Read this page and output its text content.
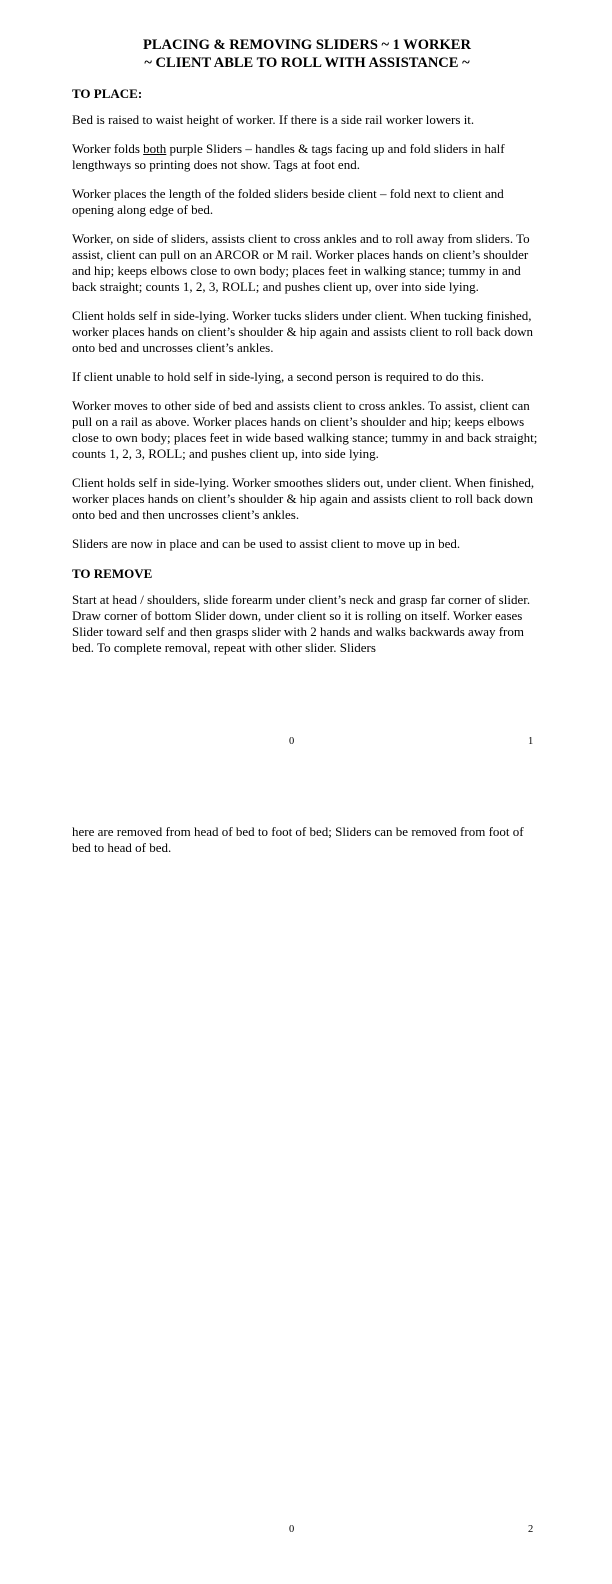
PLACING & REMOVING SLIDERS ~ 1 WORKER
~ CLIENT ABLE TO ROLL WITH ASSISTANCE ~
TO PLACE:

Bed is raised to waist height of worker. If there is a side rail worker lowers it.

Worker folds both purple Sliders – handles & tags facing up and fold sliders in half lengthways so printing does not show. Tags at foot end.

Worker places the length of the folded sliders beside client – fold next to client and opening along edge of bed.

Worker, on side of sliders, assists client to cross ankles and to roll away from sliders. To assist, client can pull on an ARCOR or M rail. Worker places hands on client’s shoulder and hip; keeps elbows close to own body; places feet in walking stance; tummy in and back straight; counts 1, 2, 3, ROLL; and pushes client up, over into side lying.

Client holds self in side-lying. Worker tucks sliders under client. When tucking finished, worker places hands on client’s shoulder & hip again and assists client to roll back down onto bed and uncrosses client’s ankles.

If client unable to hold self in side-lying, a second person is required to do this.

Worker moves to other side of bed and assists client to cross ankles. To assist, client can pull on a rail as above. Worker places hands on client’s shoulder and hip; keeps elbows close to own body; places feet in wide based walking stance; tummy in and back straight; counts 1, 2, 3, ROLL; and pushes client up, into side lying.

Client holds self in side-lying. Worker smoothes sliders out, under client. When finished, worker places hands on client’s shoulder & hip again and assists client to roll back down onto bed and then uncrosses client’s ankles.

Sliders are now in place and can be used to assist client to move up in bed.

TO REMOVE

Start at head / shoulders, slide forearm under client’s neck and grasp far corner of slider. Draw corner of bottom Slider down, under client so it is rolling on itself. Worker eases Slider toward self and then grasps slider with 2 hands and walks backwards away from bed. To complete removal, repeat with other slider. Sliders

0	1

here are removed from head of bed to foot of bed; Sliders can be removed from foot of bed to head of bed.

0	2
